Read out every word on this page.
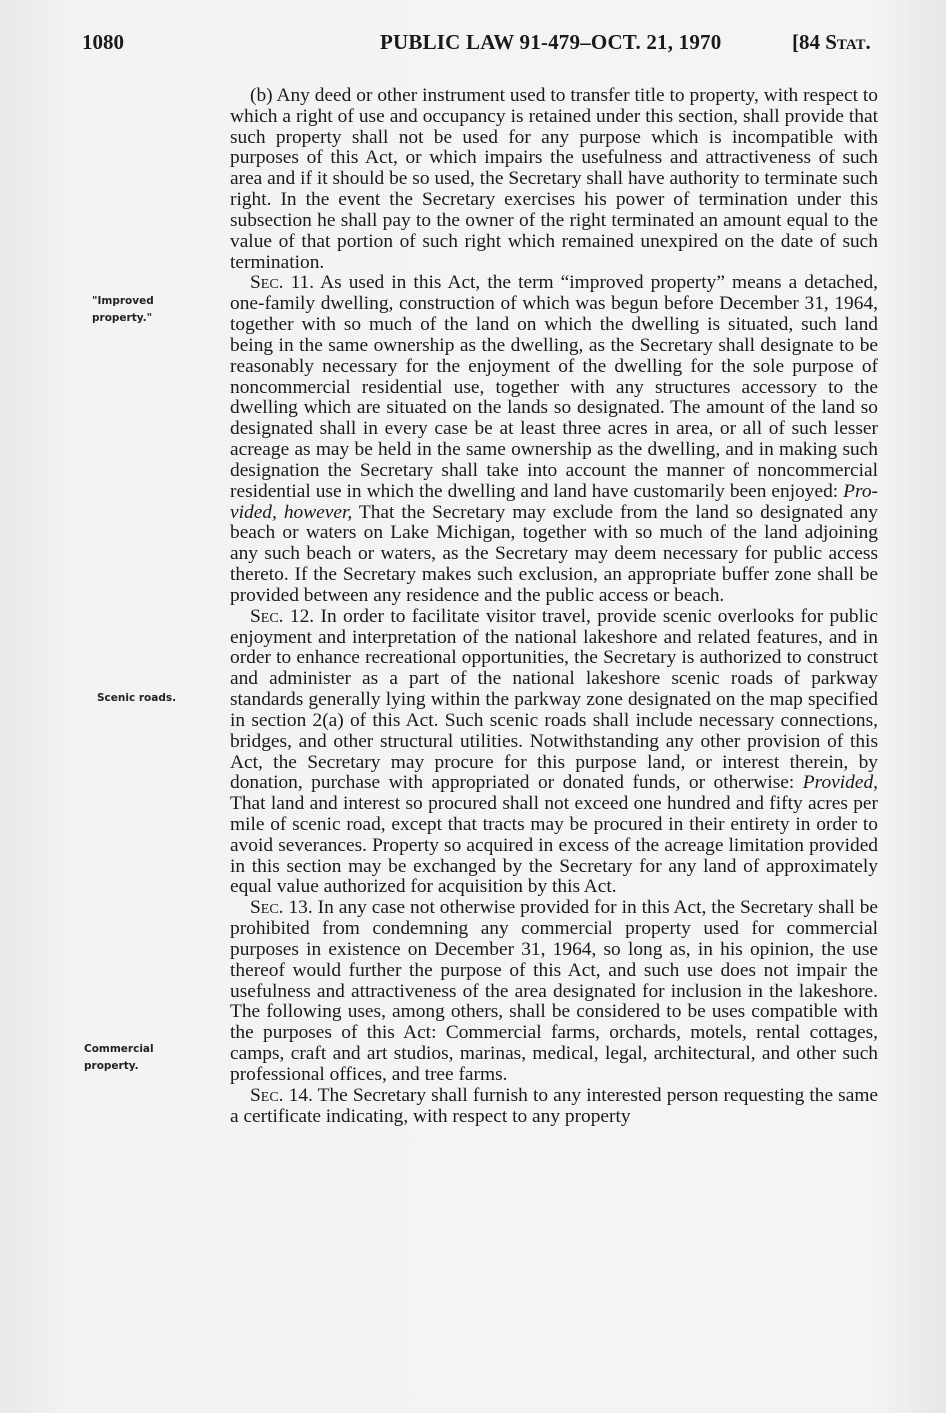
1080	PUBLIC LAW 91-479–OCT. 21, 1970	[84 Stat.
"Improved
property."
Scenic roads.
Commercial
property.

(b) Any deed or other instrument used to transfer title to property, with respect to which a right of use and occupancy is retained under this section, shall provide that such property shall not be used for any purpose which is incompatible with purposes of this Act, or which impairs the usefulness and attractiveness of such area and if it should be so used, the Secretary shall have authority to terminate such right. In the event the Secretary exercises his power of termination under this subsection he shall pay to the owner of the right terminated an amount equal to the value of that portion of such right which remained unexpired on the date of such termination.

Sec. 11. As used in this Act, the term “improved property” means a detached, one-family dwelling, construction of which was begun before December 31, 1964, together with so much of the land on which the dwelling is situated, such land being in the same ownership as the dwelling, as the Secretary shall designate to be reasonably necessary for the enjoyment of the dwelling for the sole purpose of noncommercial residential use, together with any structures accessory to the dwelling which are situated on the lands so designated. The amount of the land so designated shall in every case be at least three acres in area, or all of such lesser acreage as may be held in the same ownership as the dwelling, and in making such designation the Secretary shall take into account the manner of noncommercial residential use in which the dwelling and land have customarily been enjoyed: Provided, however, That the Secretary may exclude from the land so designated any beach or waters on Lake Michigan, together with so much of the land adjoining any such beach or waters, as the Secretary may deem necessary for public access thereto. If the Secretary makes such exclusion, an appropriate buffer zone shall be provided between any residence and the public access or beach.

Sec. 12. In order to facilitate visitor travel, provide scenic overlooks for public enjoyment and interpretation of the national lakeshore and related features, and in order to enhance recreational opportunities, the Secretary is authorized to construct and administer as a part of the national lakeshore scenic roads of parkway standards generally lying within the parkway zone designated on the map specified in section 2(a) of this Act. Such scenic roads shall include necessary connections, bridges, and other structural utilities. Notwithstanding any other provision of this Act, the Secretary may procure for this purpose land, or interest therein, by donation, purchase with appropriated or donated funds, or otherwise: Provided, That land and interest so procured shall not exceed one hundred and fifty acres per mile of scenic road, except that tracts may be procured in their entirety in order to avoid severances. Property so acquired in excess of the acreage limitation provided in this section may be exchanged by the Secretary for any land of approximately equal value authorized for acquisition by this Act.

Sec. 13. In any case not otherwise provided for in this Act, the Secretary shall be prohibited from condemning any commercial property used for commercial purposes in existence on December 31, 1964, so long as, in his opinion, the use thereof would further the purpose of this Act, and such use does not impair the usefulness and attractiveness of the area designated for inclusion in the lakeshore. The following uses, among others, shall be considered to be uses compatible with the purposes of this Act: Commercial farms, orchards, motels, rental cottages, camps, craft and art studios, marinas, medical, legal, architectural, and other such professional offices, and tree farms.

Sec. 14. The Secretary shall furnish to any interested person requesting the same a certificate indicating, with respect to any property
